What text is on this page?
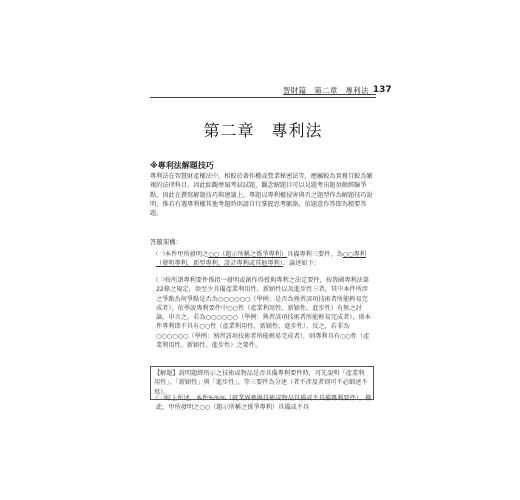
智財篇　第二章　專利法 137
第二章　專利法
※專利法解題技巧
專利法在智慧財產權法中，相較於著作權或營業秘密法等，應屬較為實務且較為繁複的法律科目，因此綜觀歷屆考試試題，觀念解題目可以見題考出題須頗經驗爭點，因此在撰寫解題技巧與建議上，專題以專利權侵害與否之題型作為解題技巧說明，惟若有遇專利權其他考題時則請自行掌握思考脈絡，依題意作答即為精要答題。
答題架構：
$^{(一)}$本件甲所發明之○○（題示所稱之係爭專利）具備專利三要件，為○○專利（發明專利、新型專利、設計專利或其他專利），論述如下：
$^{(二)}$按所謂專利要件係指一發明或創作得授與專利之法定要件，按我國專利法第22條之規定，須至少具備產業利用性、新穎性以及進步性三者，其中本件所涉之爭點為何爭點是否為○○○○○○（學例：是否為熟習該項技術者所能輕易完成者），依學說專利要件中○○性（產業利用性、新穎性、進步性）有無之討論，申言之，若為○○○○○○（學例：熟習該項技術者所能輕易完成者），則本件專利即不具有○○性（產業利用性、新穎性、進步性），反之，若非為○○○○○○（學例：熟習該項技術者所能輕易完成者），則專利具有○○性（產業利用性、新穎性、進步性）之要件。
【解題】說明題經所示之技術或物品是否具備專利要件時，可先說明「產業利用性」、「新穎性」與「進步性」，等三要件為分述（者不涉及者則可不必細述不寫）。
$^{(三)}$綜上所述，本件%%%（就業界參與技術或物品具備或不具備專利要件），據此，甲所發明之○○（題示所稱之係爭專利）具備或不具
